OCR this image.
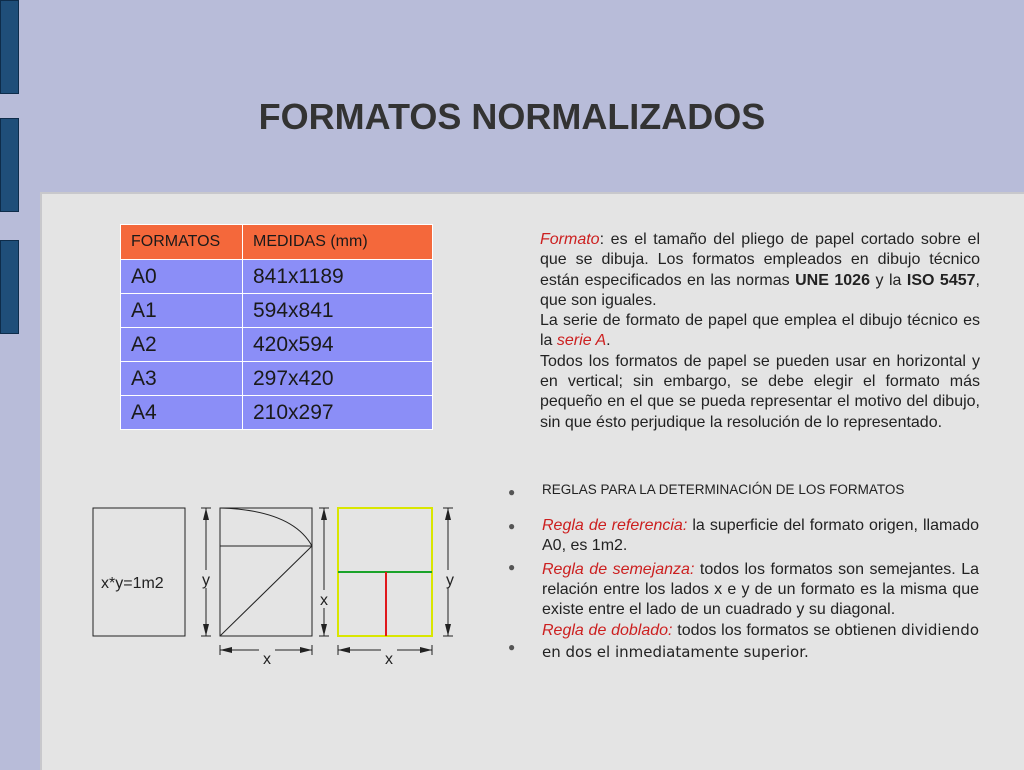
FORMATOS NORMALIZADOS
FORMATOS	MEDIDAS (mm)
A0	841x1189
A1	594x841
A2	420x594
A3	297x420
A4	210x297

Formato: es el tamaño del pliego de papel cortado sobre el que se dibuja. Los formatos empleados en dibujo técnico están especificados en las normas UNE 1026 y la ISO 5457, que son iguales.

La serie de formato de papel que emplea el dibujo técnico es la serie A.

Todos los formatos de papel se pueden usar en horizontal y en vertical; sin embargo, se debe elegir el formato más pequeño en el que se pueda representar el motivo del dibujo, sin que ésto perjudique la resolución de lo representado.

● REGLAS PARA LA DETERMINACIÓN DE LOS FORMATOS
●
●
●

Regla de referencia: la superficie del formato origen, llamado A0, es 1m2.

Regla de semejanza: todos los formatos son semejantes. La relación entre los lados x e y de un formato es la misma que existe entre el lado de un cuadrado y su diagonal.

Regla de doblado: todos los formatos se obtienen dividiendo en dos el inmediatamente superior.

x*y=1m2 y
x
x
y
x
